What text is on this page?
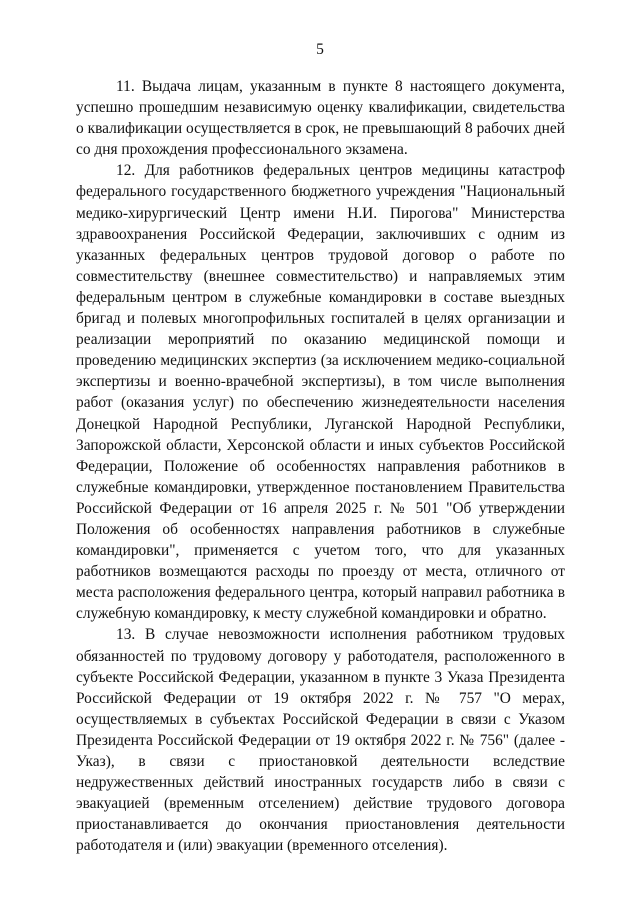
5

11. Выдача лицам, указанным в пункте 8 настоящего документа, успешно прошедшим независимую оценку квалификации, свидетельства о квалификации осуществляется в срок, не превышающий 8 рабочих дней со дня прохождения профессионального экзамена.

12. Для работников федеральных центров медицины катастроф федерального государственного бюджетного учреждения "Национальный медико-хирургический Центр имени Н.И. Пирогова" Министерства здравоохранения Российской Федерации, заключивших с одним из указанных федеральных центров трудовой договор о работе по совместительству (внешнее совместительство) и направляемых этим федеральным центром в служебные командировки в составе выездных бригад и полевых многопрофильных госпиталей в целях организации и реализации мероприятий по оказанию медицинской помощи и проведению медицинских экспертиз (за исключением медико-социальной экспертизы и военно-врачебной экспертизы), в том числе выполнения работ (оказания услуг) по обеспечению жизнедеятельности населения Донецкой Народной Республики, Луганской Народной Республики, Запорожской области, Херсонской области и иных субъектов Российской Федерации, Положение об особенностях направления работников в служебные командировки, утвержденное постановлением Правительства Российской Федерации от 16 апреля 2025 г. № 501 "Об утверждении Положения об особенностях направления работников в служебные командировки", применяется с учетом того, что для указанных работников возмещаются расходы по проезду от места, отличного от места расположения федерального центра, который направил работника в служебную командировку, к месту служебной командировки и обратно.

13. В случае невозможности исполнения работником трудовых обязанностей по трудовому договору у работодателя, расположенного в субъекте Российской Федерации, указанном в пункте 3 Указа Президента Российской Федерации от 19 октября 2022 г. № 757 "О мерах, осуществляемых в субъектах Российской Федерации в связи с Указом Президента Российской Федерации от 19 октября 2022 г. № 756" (далее - Указ), в связи с приостановкой деятельности вследствие недружественных действий иностранных государств либо в связи с эвакуацией (временным отселением) действие трудового договора приостанавливается до окончания приостановления деятельности работодателя и (или) эвакуации (временного отселения).
